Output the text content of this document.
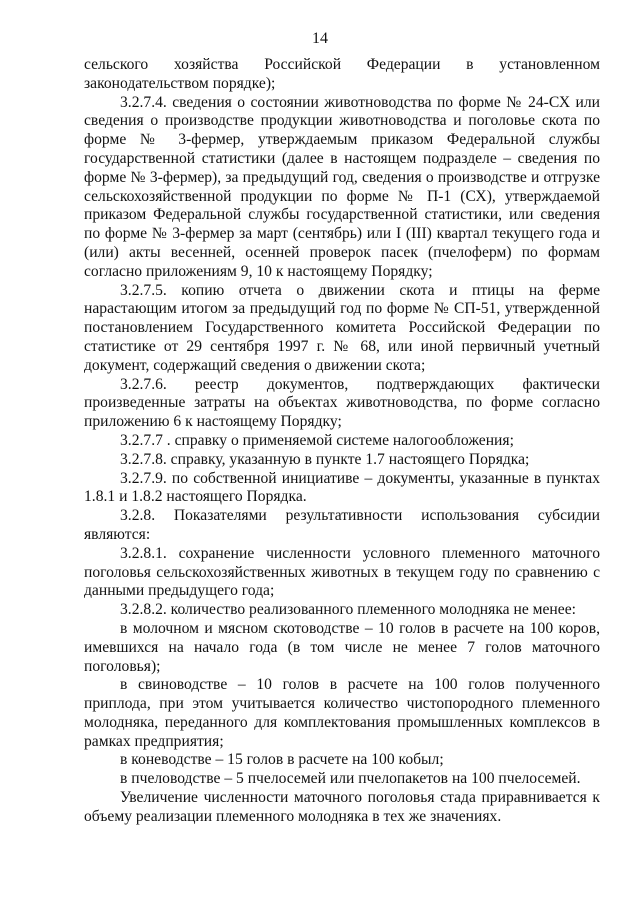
14

сельского хозяйства Российской Федерации в установленном законодательством порядке);

3.2.7.4. сведения о состоянии животноводства по форме № 24-СХ или сведения о производстве продукции животноводства и поголовье скота по форме № 3-фермер, утверждаемым приказом Федеральной службы государственной статистики (далее в настоящем подразделе – сведения по форме № 3-фермер), за предыдущий год, сведения о производстве и отгрузке сельскохозяйственной продукции по форме № П-1 (СХ), утверждаемой приказом Федеральной службы государственной статистики, или сведения по форме № 3-фермер за март (сентябрь) или I (III) квартал текущего года и (или) акты весенней, осенней проверок пасек (пчелоферм) по формам согласно приложениям 9, 10 к настоящему Порядку;

3.2.7.5. копию отчета о движении скота и птицы на ферме нарастающим итогом за предыдущий год по форме № СП-51, утвержденной постановлением Государственного комитета Российской Федерации по статистике от 29 сентября 1997 г. № 68, или иной первичный учетный документ, содержащий сведения о движении скота;

3.2.7.6. реестр документов, подтверждающих фактически произведенные затраты на объектах животноводства, по форме согласно приложению 6 к настоящему Порядку;

3.2.7.7 . справку о применяемой системе налогообложения;

3.2.7.8. справку, указанную в пункте 1.7 настоящего Порядка;

3.2.7.9. по собственной инициативе – документы, указанные в пунктах 1.8.1 и 1.8.2 настоящего Порядка.

3.2.8. Показателями результативности использования субсидии являются:

3.2.8.1. сохранение численности условного племенного маточного поголовья сельскохозяйственных животных в текущем году по сравнению с данными предыдущего года;

3.2.8.2. количество реализованного племенного молодняка не менее:

в молочном и мясном скотоводстве – 10 голов в расчете на 100 коров, имевшихся на начало года (в том числе не менее 7 голов маточного поголовья);

в свиноводстве – 10 голов в расчете на 100 голов полученного приплода, при этом учитывается количество чистопородного племенного молодняка, переданного для комплектования промышленных комплексов в рамках предприятия;

в коневодстве – 15 голов в расчете на 100 кобыл;

в пчеловодстве – 5 пчелосемей или пчелопакетов на 100 пчелосемей.

Увеличение численности маточного поголовья стада приравнивается к объему реализации племенного молодняка в тех же значениях.
